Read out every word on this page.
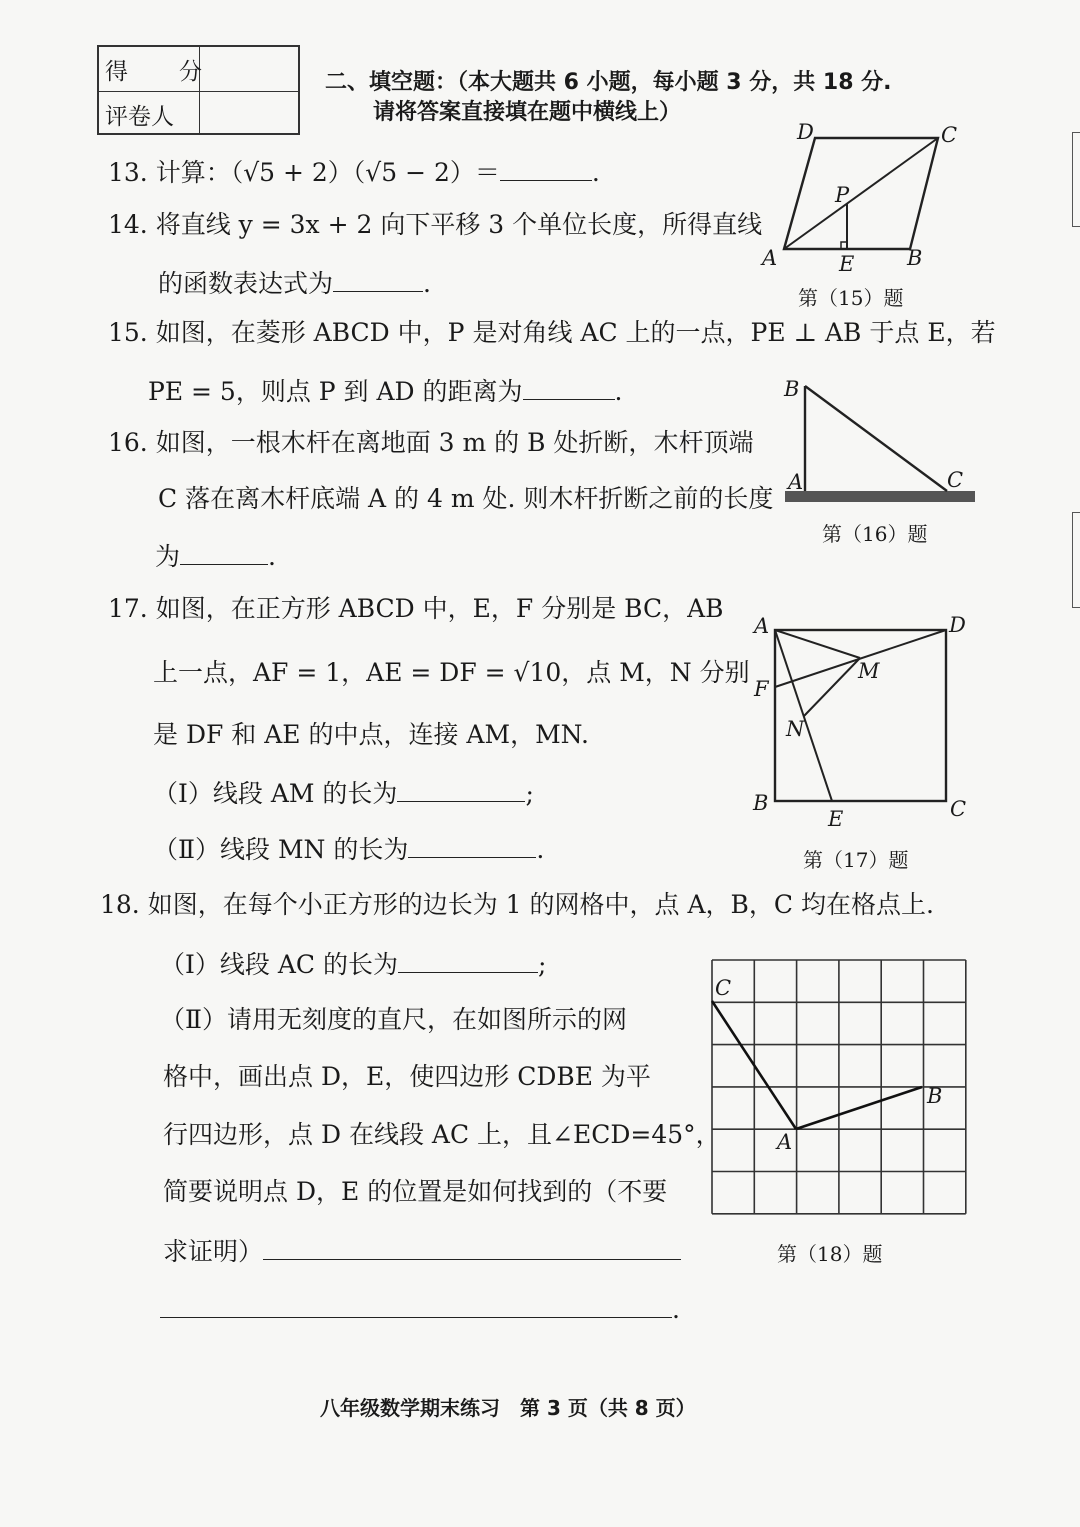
得　分
评卷人
二、填空题：（本大题共 6 小题，每小题 3 分，共 18 分.
请将答案直接填在题中横线上）
13. 计算：（√5 + 2）（√5 − 2）＝	.
14. 将直线 y = 3x + 2 向下平移 3 个单位长度，所得直线
的函数表达式为	.
15. 如图，在菱形 ABCD 中，P 是对角线 AC 上的一点，PE ⊥ AB 于点 E，若
PE = 5，则点 P 到 AD 的距离为	.
16. 如图，一根木杆在离地面 3 m 的 B 处折断，木杆顶端
C 落在离木杆底端 A 的 4 m 处. 则木杆折断之前的长度
为	.
17. 如图，在正方形 ABCD 中，E，F 分别是 BC，AB
上一点，AF = 1，AE = DF = √10，点 M，N 分别
是 DF 和 AE 的中点，连接 AM，MN.
（Ⅰ）线段 AM 的长为	;
（Ⅱ）线段 MN 的长为	.
18. 如图，在每个小正方形的边长为 1 的网格中，点 A，B，C 均在格点上.
（Ⅰ）线段 AC 的长为	;
（Ⅱ）请用无刻度的直尺，在如图所示的网
格中，画出点 D，E，使四边形 CDBE 为平
行四边形，点 D 在线段 AC 上，且∠ECD=45°，
简要说明点 D，E 的位置是如何找到的（不要
求证明）
.
D	C
P
A	E	B
第（15）题
B
A	C
第（16）题
A	D
F
M
N
B
E	C
第（17）题
C
B
A
第（18）题
八年级数学期末练习　第 3 页（共 8 页）
